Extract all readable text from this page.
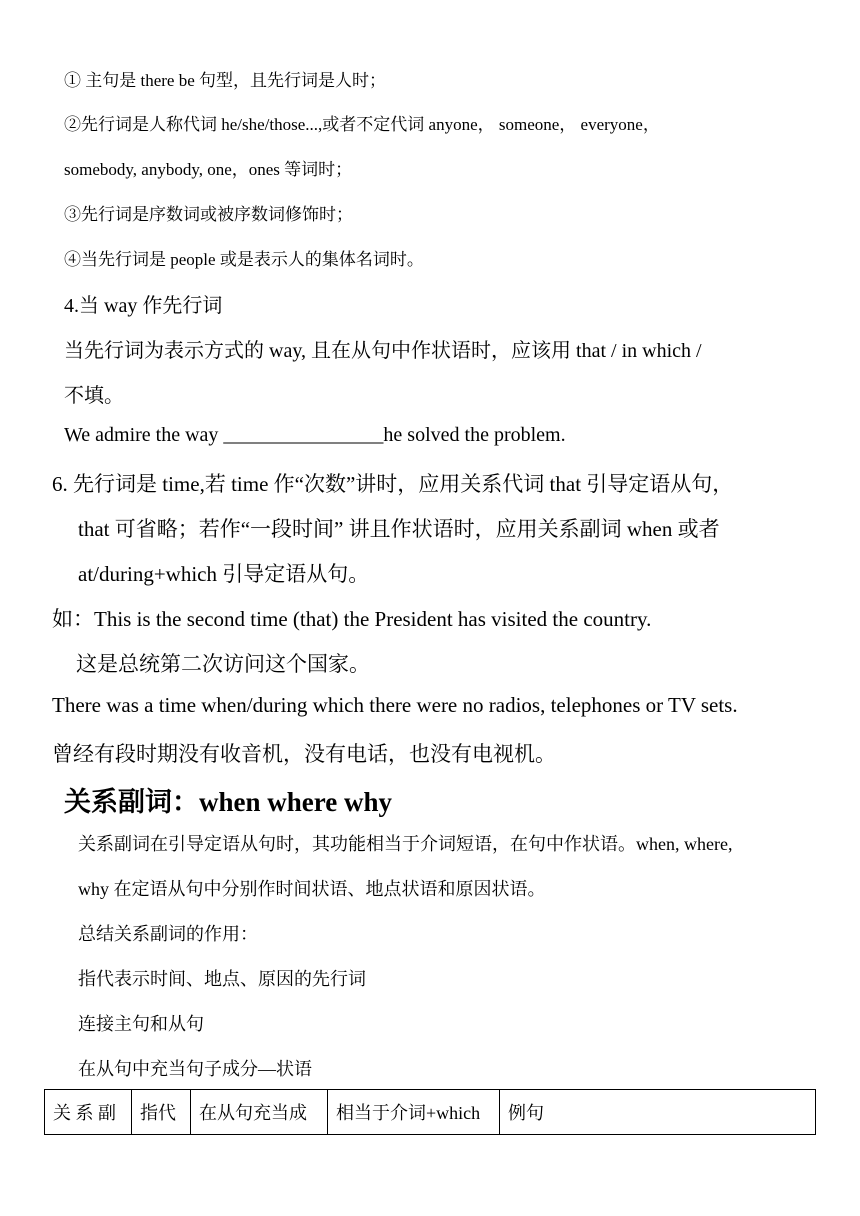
① 主句是 there be 句型，且先行词是人时；
②先行词是人称代词 he/she/those...,或者不定代词 anyone， someone， everyone，
somebody, anybody, one，ones 等词时；
③先行词是序数词或被序数词修饰时；
④当先行词是 people 或是表示人的集体名词时。
4.当 way 作先行词
当先行词为表示方式的 way, 且在从句中作状语时，应该用 that / in which /
不填。
We admire the way ________________he solved the problem.
6. 先行词是 time,若 time 作“次数”讲时，应用关系代词 that 引导定语从句，
that 可省略；若作“一段时间” 讲且作状语时，应用关系副词 when 或者
at/during+which 引导定语从句。
如：This is the second time (that) the President has visited the country.
这是总统第二次访问这个国家。
There was a time when/during which there were no radios, telephones or TV sets.
曾经有段时期没有收音机，没有电话，也没有电视机。
关系副词：when where why
关系副词在引导定语从句时，其功能相当于介词短语，在句中作状语。when, where,
why 在定语从句中分别作时间状语、地点状语和原因状语。
总结关系副词的作用：
指代表示时间、地点、原因的先行词
连接主句和从句
在从句中充当句子成分—状语
关 系 副	指代	在从句充当成	相当于介词+which	例句
